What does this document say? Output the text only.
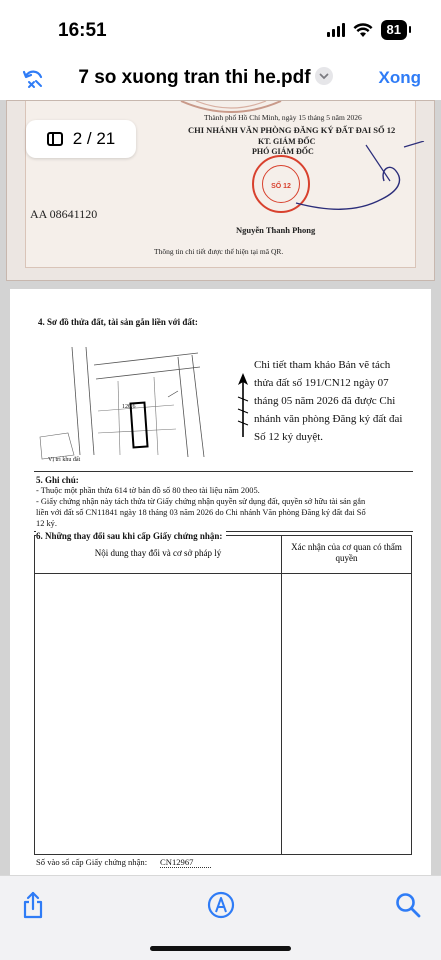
16:51	81
7 so xuong tran thi he.pdf	Xong
Thành phố Hồ Chí Minh, ngày 15 tháng 5 năm 2026
CHI NHÁNH VĂN PHÒNG ĐĂNG KÝ ĐẤT ĐAI SỐ 12
KT. GIÁM ĐỐC
PHÓ GIÁM ĐỐC
SỐ 12
AA 08641120
Nguyễn Thanh Phong
Thông tin chi tiết được thể hiện tại mã QR.
2 / 21
4. Sơ đồ thửa đất, tài sản gắn liền với đất:
120.6
Vị trí khu đất
Chi tiết tham khảo Bản vẽ tách
thửa đất số 191/CN12 ngày 07
tháng 05 năm 2026 đã được Chi
nhánh văn phòng Đăng ký đất đai
Số 12 ký duyệt.
5. Ghi chú:
- Thuộc một phần thửa 614 tờ bản đồ số 80 theo tài liệu năm 2005.
- Giấy chứng nhận này tách thửa từ Giấy chứng nhận quyền sử dụng đất, quyền sở hữu tài sản gắn
liền với đất số CN11841 ngày 18 tháng 03 năm 2026 do Chi nhánh Văn phòng Đăng ký đất đai Số
12 ký.
Nội dung thay đổi và cơ sở pháp lý
Xác nhận của cơ quan có thẩm quyền
Số vào sổ cấp Giấy chứng nhận: CN12967
6. Những thay đổi sau khi cấp Giấy chứng nhận:
